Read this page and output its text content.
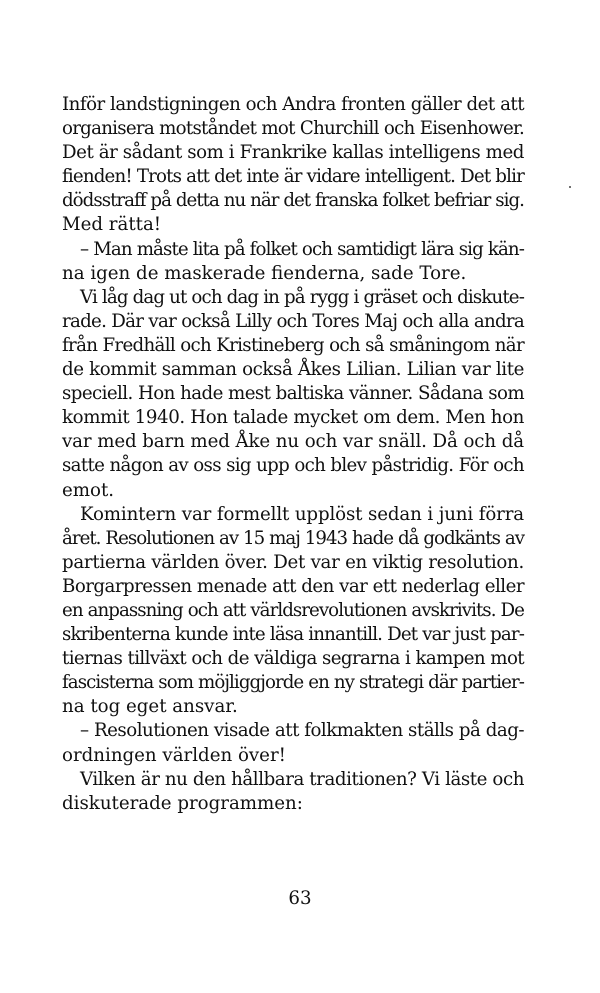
Inför landstigningen och Andra fronten gäller det att
organisera motståndet mot Churchill och Eisenhower.
Det är sådant som i Frankrike kallas intelligens med
fienden! Trots att det inte är vidare intelligent. Det blir
dödsstraff på detta nu när det franska folket befriar sig.
Med rätta!
– Man måste lita på folket och samtidigt lära sig kän-
na igen de maskerade fienderna, sade Tore.
Vi låg dag ut och dag in på rygg i gräset och diskute-
rade. Där var också Lilly och Tores Maj och alla andra
från Fredhäll och Kristineberg och så småningom när
de kommit samman också Åkes Lilian. Lilian var lite
speciell. Hon hade mest baltiska vänner. Sådana som
kommit 1940. Hon talade mycket om dem. Men hon
var med barn med Åke nu och var snäll. Då och då
satte någon av oss sig upp och blev påstridig. För och
emot.
Komintern var formellt upplöst sedan i juni förra
året. Resolutionen av 15 maj 1943 hade då godkänts av
partierna världen över. Det var en viktig resolution.
Borgarpressen menade att den var ett nederlag eller
en anpassning och att världsrevolutionen avskrivits. De
skribenterna kunde inte läsa innantill. Det var just par-
tiernas tillväxt och de väldiga segrarna i kampen mot
fascisterna som möjliggjorde en ny strategi där partier-
na tog eget ansvar.
– Resolutionen visade att folkmakten ställs på dag-
ordningen världen över!
Vilken är nu den hållbara traditionen? Vi läste och
diskuterade programmen:
63
